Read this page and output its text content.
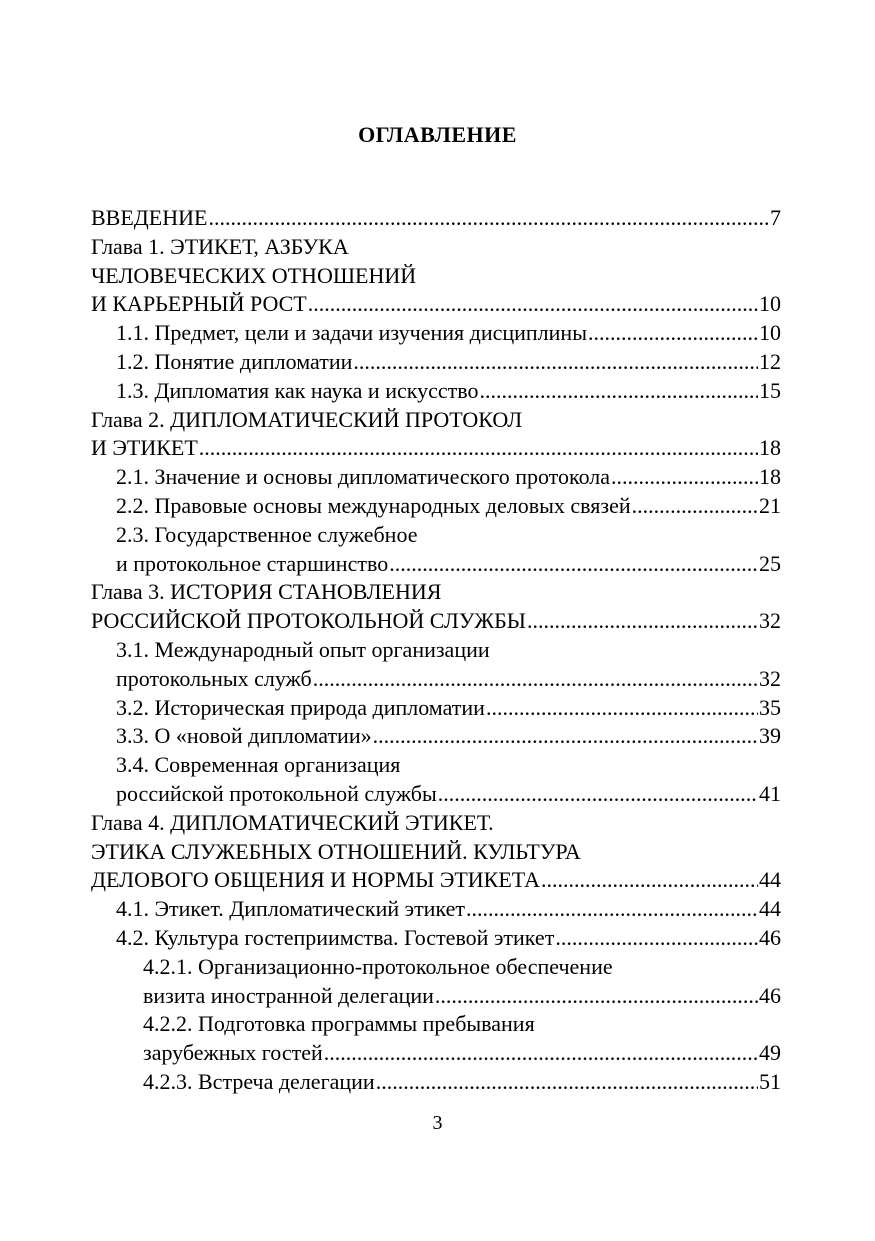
ОГЛАВЛЕНИЕ
ВВЕДЕНИЕ .....	7
Глава 1. ЭТИКЕТ, АЗБУКА
ЧЕЛОВЕЧЕСКИХ ОТНОШЕНИЙ
И КАРЬЕРНЫЙ РОСТ .....	10
1.1. Предмет, цели и задачи изучения дисциплины .....	10
1.2. Понятие дипломатии .....	12
1.3. Дипломатия как наука и искусство .....	15
Глава 2. ДИПЛОМАТИЧЕСКИЙ ПРОТОКОЛ
И ЭТИКЕТ .....	18
2.1. Значение и основы дипломатического протокола .....	18
2.2. Правовые основы международных деловых связей .....	21
2.3. Государственное служебное
и протокольное старшинство .....	25
Глава 3. ИСТОРИЯ СТАНОВЛЕНИЯ
РОССИЙСКОЙ ПРОТОКОЛЬНОЙ СЛУЖБЫ .....	32
3.1. Международный опыт организации
протокольных служб .....	32
3.2. Историческая природа дипломатии .....	35
3.3. О «новой дипломатии» .....	39
3.4. Современная организация
российской протокольной службы .....	41
Глава 4. ДИПЛОМАТИЧЕСКИЙ ЭТИКЕТ.
ЭТИКА СЛУЖЕБНЫХ ОТНОШЕНИЙ. КУЛЬТУРА
ДЕЛОВОГО ОБЩЕНИЯ И НОРМЫ ЭТИКЕТА .....	44
4.1. Этикет. Дипломатический этикет .....	44
4.2. Культура гостеприимства. Гостевой этикет .....	46
4.2.1. Организационно-протокольное обеспечение
визита иностранной делегации .....	46
4.2.2. Подготовка программы пребывания
зарубежных гостей .....	49
4.2.3. Встреча делегации .....	51
3
